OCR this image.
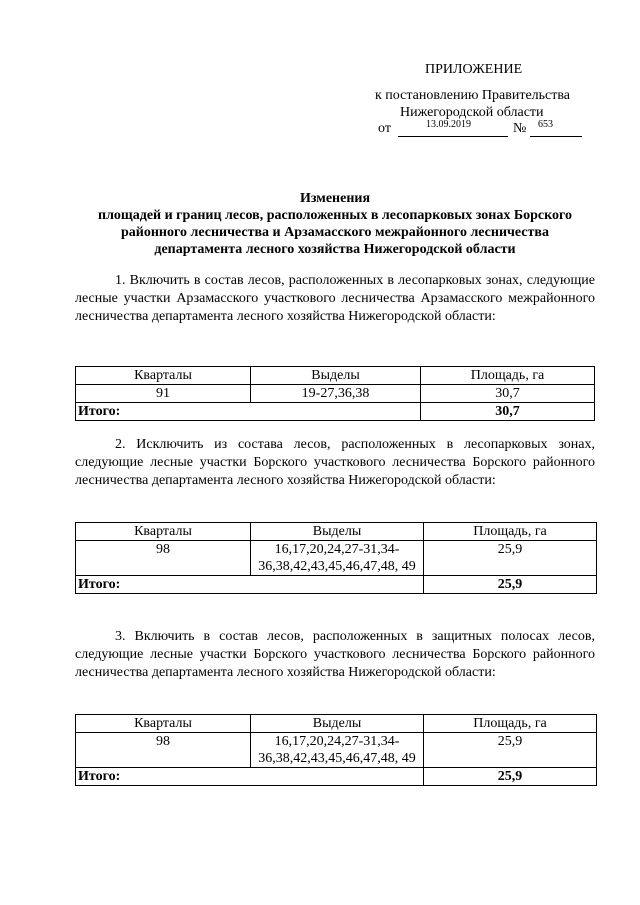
ПРИЛОЖЕНИЕ
к постановлению Правительства
Нижегородской области
от	13.09.2019	№ 653
Изменения
площадей и границ лесов, расположенных в лесопарковых зонах Борского
районного лесничества и Арзамасского межрайонного лесничества
департамента лесного хозяйства Нижегородской области
1. Включить в состав лесов, расположенных в лесопарковых зонах, следующие лесные участки Арзамасского участкового лесничества Арзамасского межрайонного лесничества департамента лесного хозяйства Нижегородской области:
Кварталы	Выделы	Площадь, га
91	19-27,36,38	30,7
Итого:		30,7
2. Исключить из состава лесов, расположенных в лесопарковых зонах, следующие лесные участки Борского участкового лесничества Борского районного лесничества департамента лесного хозяйства Нижегородской области:
Кварталы	Выделы	Площадь, га
98	16,17,20,24,27-31,34-36,38,42,43,45,46,47,48, 49	25,9
Итого:		25,9
3. Включить в состав лесов, расположенных в защитных полосах лесов, следующие лесные участки Борского участкового лесничества Борского районного лесничества департамента лесного хозяйства Нижегородской области:
Кварталы	Выделы	Площадь, га
98	16,17,20,24,27-31,34-36,38,42,43,45,46,47,48, 49	25,9
Итого:		25,9
